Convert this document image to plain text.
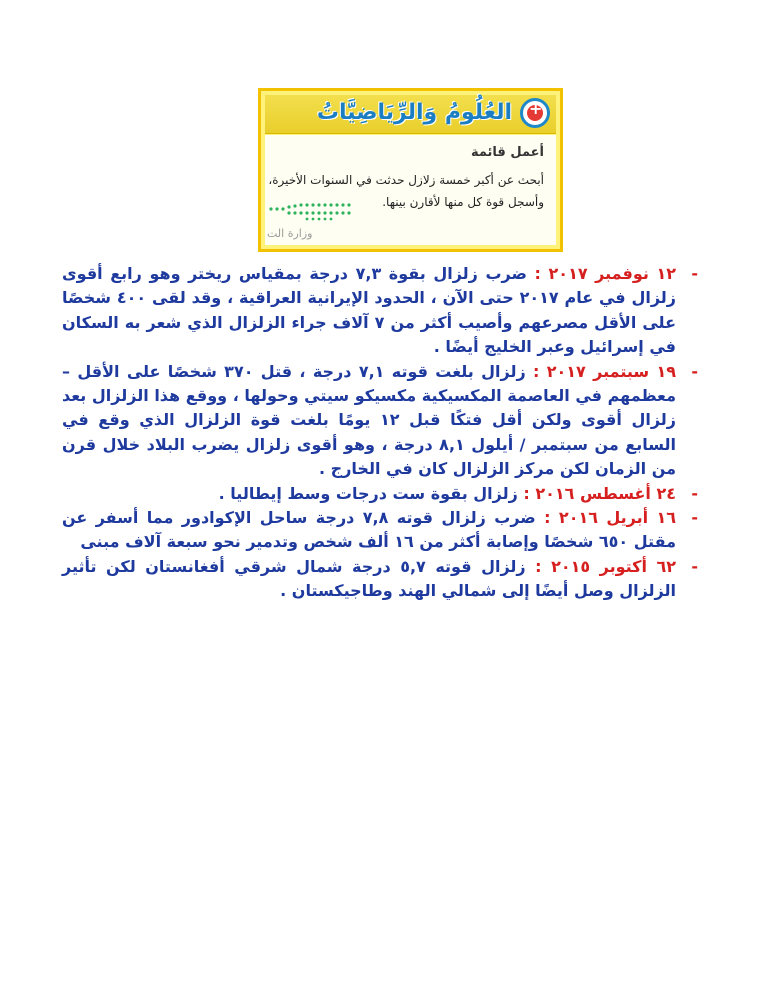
+
العُلُومُ وَالرِّيَاضِيَّاتُ
أعمل قائمة
أبحث عن أكبر خمسة زلازل حدثت في السنوات الأخيرة،
وأسجل قوة كل منها لأقارن بينها.
وزارة الت
-
١٢ نوفمبر ٢٠١٧ : ضرب زلزال بقوة ٧,٣ درجة بمقياس ريختر وهو رابع أقوى زلزال في عام ٢٠١٧ حتى الآن ، الحدود الإيرانية العراقية ، وقد لقى ٤٠٠ شخصًا على الأقل مصرعهم وأصيب أكثر من ٧ آلاف جراء الزلزال الذي شعر به السكان في إسرائيل وعبر الخليج أيضًا .
-
١٩ سبتمبر ٢٠١٧ : زلزال بلغت قوته ٧,١ درجة ، قتل ٣٧٠ شخصًا على الأقل – معظمهم في العاصمة المكسيكية مكسيكو سيتي وحولها ، ووقع هذا الزلزال بعد زلزال أقوى ولكن أقل فتكًا قبل ١٢ يومًا بلغت قوة الزلزال الذي وقع في السابع من سبتمبر / أيلول ٨,١ درجة ، وهو أقوى زلزال يضرب البلاد خلال قرن من الزمان لكن مركز الزلزال كان في الخارج .
-
٢٤ أغسطس ٢٠١٦ : زلزال بقوة ست درجات وسط إيطاليا .
-
١٦ أبريل ٢٠١٦ : ضرب زلزال قوته ٧,٨ درجة ساحل الإكوادور مما أسفر عن مقتل ٦٥٠ شخصًا وإصابة أكثر من ١٦ ألف شخص وتدمير نحو سبعة آلاف مبنى
-
٦٢ أكتوبر ٢٠١٥ : زلزال قوته ٥,٧ درجة شمال شرقي أفغانستان لكن تأثير الزلزال وصل أيضًا إلى شمالي الهند وطاجيكستان .
